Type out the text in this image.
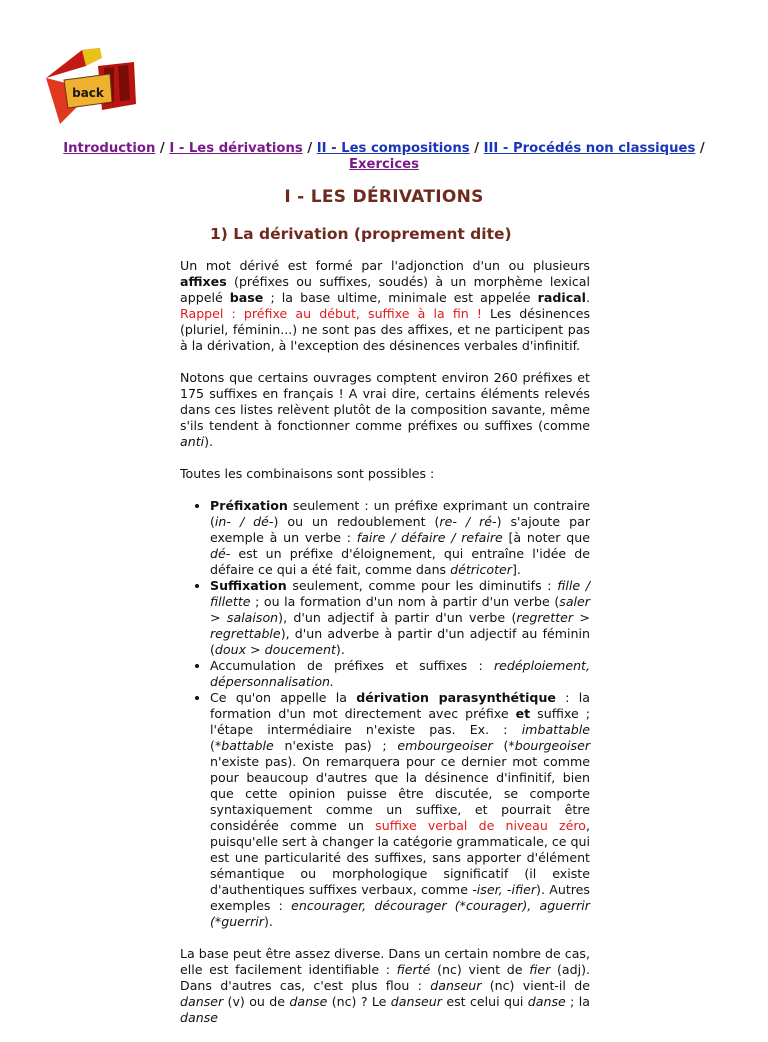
back
Introduction / I - Les dérivations / II - Les compositions / III - Procédés non classiques /
Exercices
I - LES DÉRIVATIONS
1) La dérivation (proprement dite)

Un mot dérivé est formé par l'adjonction d'un ou plusieurs affixes (préfixes ou suffixes, soudés) à un morphème lexical appelé base ; la base ultime, minimale est appelée radical. Rappel : préfixe au début, suffixe à la fin ! Les désinences (pluriel, féminin...) ne sont pas des affixes, et ne participent pas à la dérivation, à l'exception des désinences verbales d'infinitif.

Notons que certains ouvrages comptent environ 260 préfixes et 175 suffixes en français ! A vrai dire, certains éléments relevés dans ces listes relèvent plutôt de la composition savante, même s'ils tendent à fonctionner comme préfixes ou suffixes (comme anti).

Toutes les combinaisons sont possibles :

• Préfixation seulement : un préfixe exprimant un contraire (in- / dé-) ou un redoublement (re- / ré-) s'ajoute par exemple à un verbe : faire / défaire / refaire [à noter que dé- est un préfixe d'éloignement, qui entraîne l'idée de défaire ce qui a été fait, comme dans détricoter].
• Suffixation seulement, comme pour les diminutifs : fille / fillette ; ou la formation d'un nom à partir d'un verbe (saler > salaison), d'un adjectif à partir d'un verbe (regretter > regrettable), d'un adverbe à partir d'un adjectif au féminin (doux > doucement).
• Accumulation de préfixes et suffixes : redéploiement, dépersonnalisation.
• Ce qu'on appelle la dérivation parasynthétique : la formation d'un mot directement avec préfixe et suffixe ; l'étape intermédiaire n'existe pas. Ex. : imbattable (*battable n'existe pas) ; embourgeoiser (*bourgeoiser n'existe pas). On remarquera pour ce dernier mot comme pour beaucoup d'autres que la désinence d'infinitif, bien que cette opinion puisse être discutée, se comporte syntaxiquement comme un suffixe, et pourrait être considérée comme un suffixe verbal de niveau zéro, puisqu'elle sert à changer la catégorie grammaticale, ce qui est une particularité des suffixes, sans apporter d'élément sémantique ou morphologique significatif (il existe d'authentiques suffixes verbaux, comme -iser, -ifier). Autres exemples : encourager, décourager (*courager), aguerrir (*guerrir).

La base peut être assez diverse. Dans un certain nombre de cas, elle est facilement identifiable : fierté (nc) vient de fier (adj). Dans d'autres cas, c'est plus flou : danseur (nc) vient-il de danser (v) ou de danse (nc) ? Le danseur est celui qui danse ; la danse
